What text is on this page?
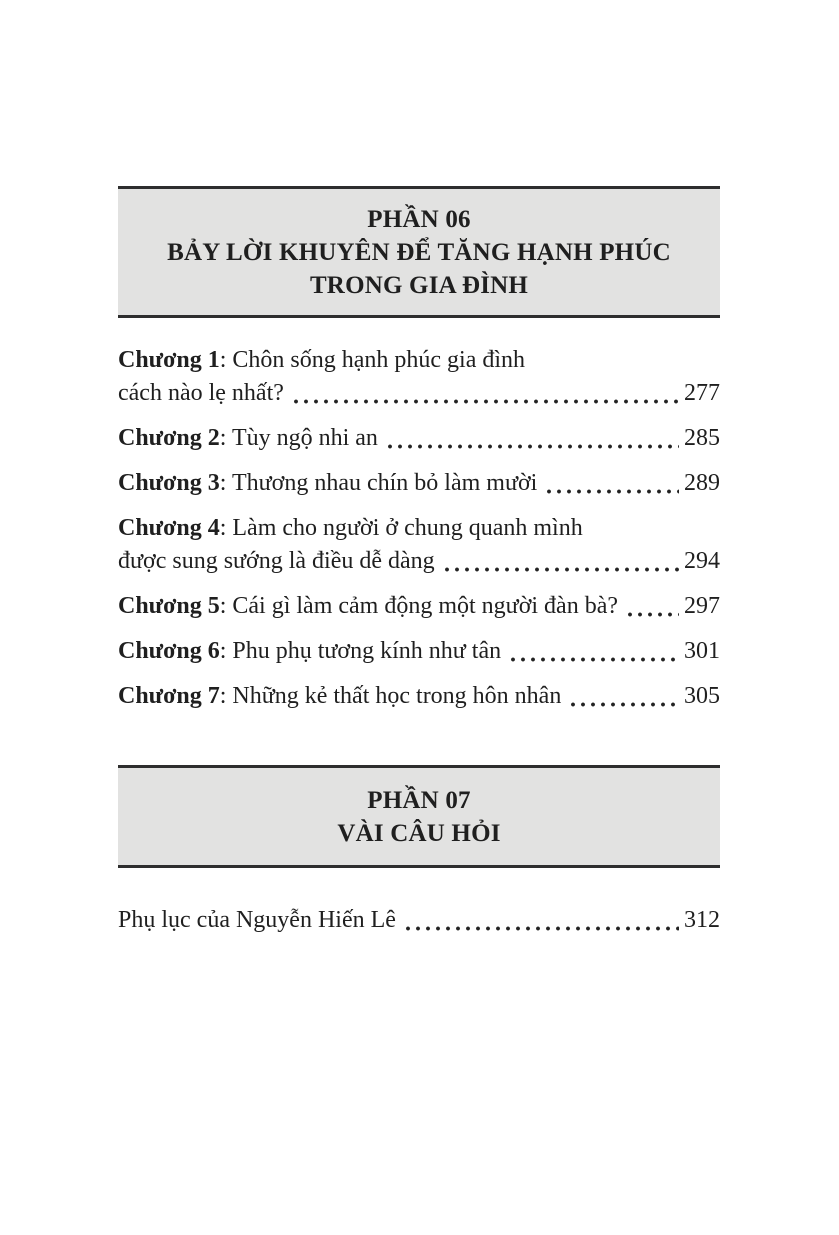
PHẦN 06
BẢY LỜI KHUYÊN ĐỂ TĂNG HẠNH PHÚC
TRONG GIA ĐÌNH
Chương 1: Chôn sống hạnh phúc gia đình
cách nào lẹ nhất?	277
Chương 2: Tùy ngộ nhi an	285
Chương 3: Thương nhau chín bỏ làm mười	289
Chương 4: Làm cho người ở chung quanh mình
được sung sướng là điều dễ dàng	294
Chương 5: Cái gì làm cảm động một người đàn bà?	297
Chương 6: Phu phụ tương kính như tân	301
Chương 7: Những kẻ thất học trong hôn nhân	305
PHẦN 07
VÀI CÂU HỎI
Phụ lục của Nguyễn Hiến Lê	312
